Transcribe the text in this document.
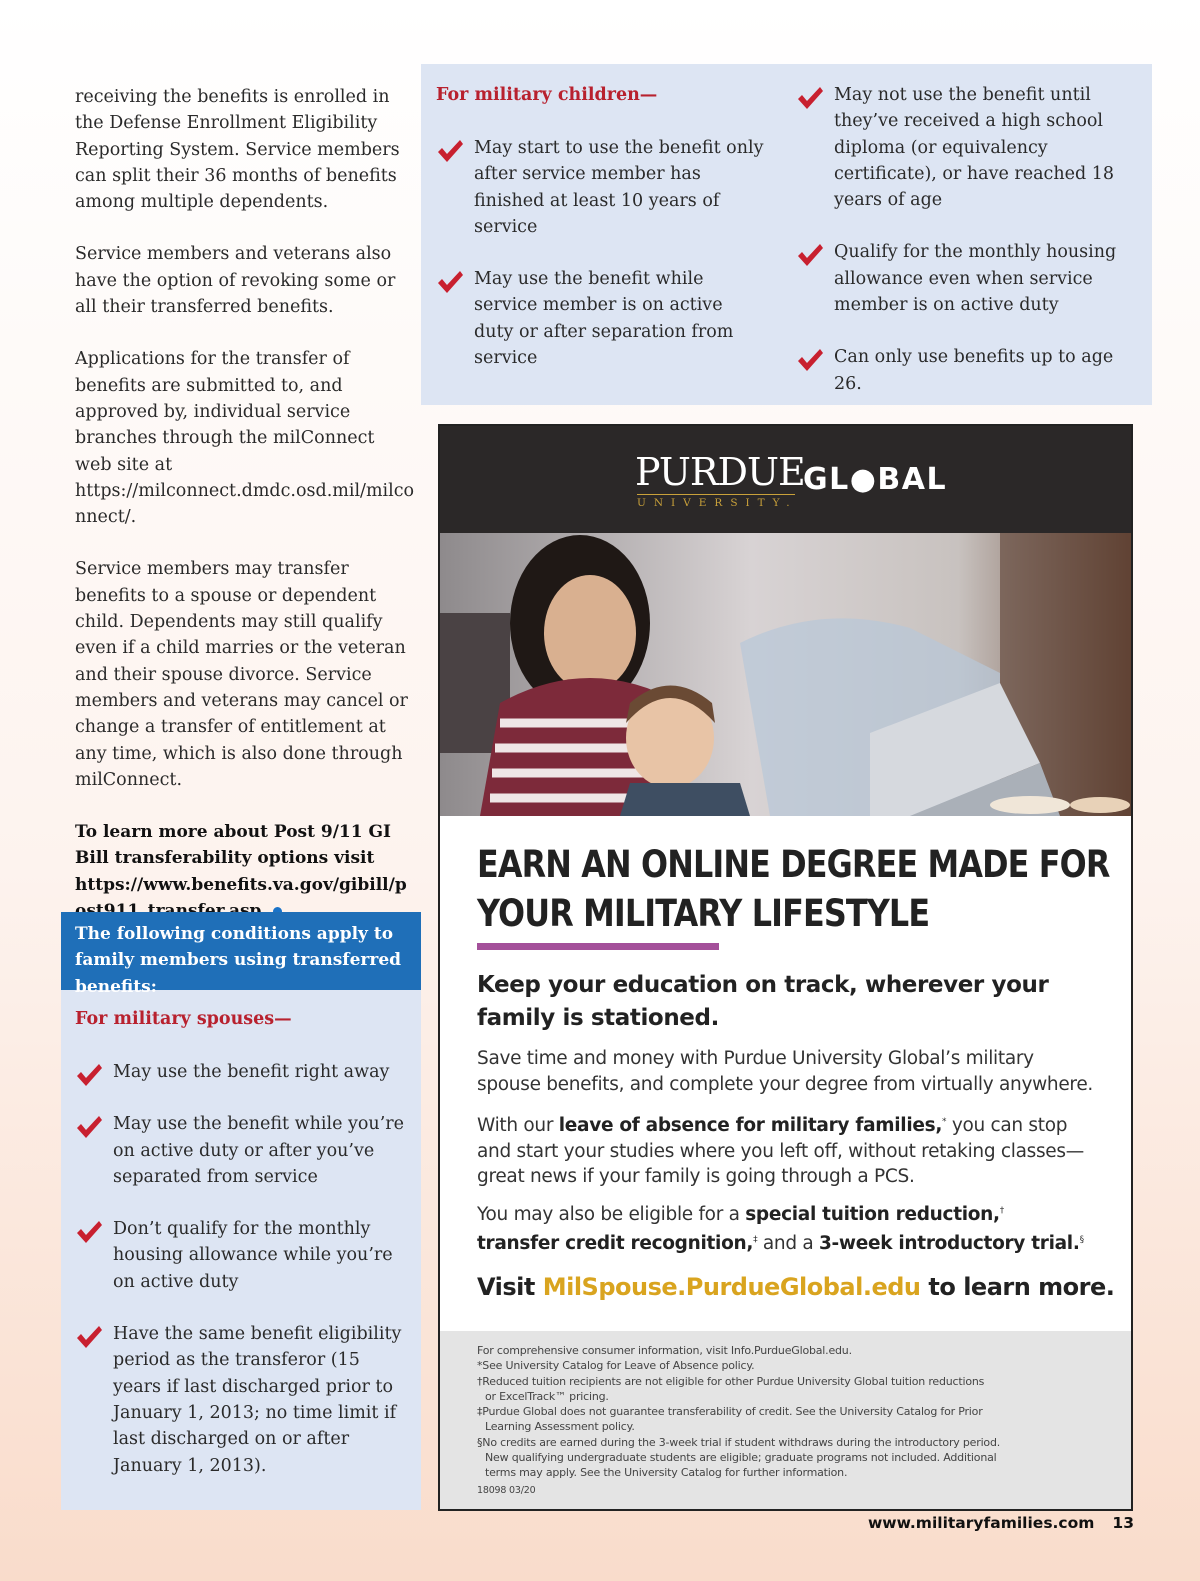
receiving the benefits is enrolled in the Defense Enrollment Eligibility Reporting System. Service members can split their 36 months of benefits among multiple dependents.

Service members and veterans also have the option of revoking some or all their transferred benefits.

Applications for the transfer of benefits are submitted to, and approved by, individual service branches through the milConnect web site at https://milconnect.dmdc.osd.mil/milconnect/.

Service members may transfer benefits to a spouse or dependent child. Dependents may still qualify even if a child marries or the veteran and their spouse divorce. Service members and veterans may cancel or change a transfer of entitlement at any time, which is also done through milConnect.

To learn more about Post 9/11 GI Bill transferability options visit https://www.benefits.va.gov/gibill/p

The following conditions apply to family members using transferred benefits:
For military spouses—
May use the benefit right away
May use the benefit while you’re on active duty or after you’ve separated from service
Don’t qualify for the monthly housing allowance while you’re on active duty
Have the same benefit eligibility period as the transferor (15 years if last discharged prior to January 1, 2013; no time limit if last discharged on or after January 1, 2013).
For military children—
May start to use the benefit only after service member has finished at least 10 years of service
May use the benefit while service member is on active duty or after separation from service
May not use the benefit until they’ve received a high school diploma (or equivalency certificate), or have reached 18 years of age
Qualify for the monthly housing allowance even when service member is on active duty
Can only use benefits up to age 26.
PURDUE
UNIVERSITY.
GL●BAL
EARN AN ONLINE DEGREE MADE FOR
YOUR MILITARY LIFESTYLE
Keep your education on track, wherever your family is stationed.
Save time and money with Purdue University Global’s military spouse benefits, and complete your degree from virtually anywhere.
With our leave of absence for military families,* you can stop and start your studies where you left off, without retaking classes—great news if your family is going through a PCS.
You may also be eligible for a special tuition reduction,†
transfer credit recognition,‡ and a 3-week introductory trial.§
Visit MilSpouse.PurdueGlobal.edu to learn more.
For comprehensive consumer information, visit Info.PurdueGlobal.edu.
*See University Catalog for Leave of Absence policy.
†Reduced tuition recipients are not eligible for other Purdue University Global tuition reductions
or ExcelTrack™ pricing.
‡Purdue Global does not guarantee transferability of credit. See the University Catalog for Prior
Learning Assessment policy.
§No credits are earned during the 3-week trial if student withdraws during the introductory period.
New qualifying undergraduate students are eligible; graduate programs not included. Additional
terms may apply. See the University Catalog for further information.
18098 03/20
www.militaryfamilies.com 13
